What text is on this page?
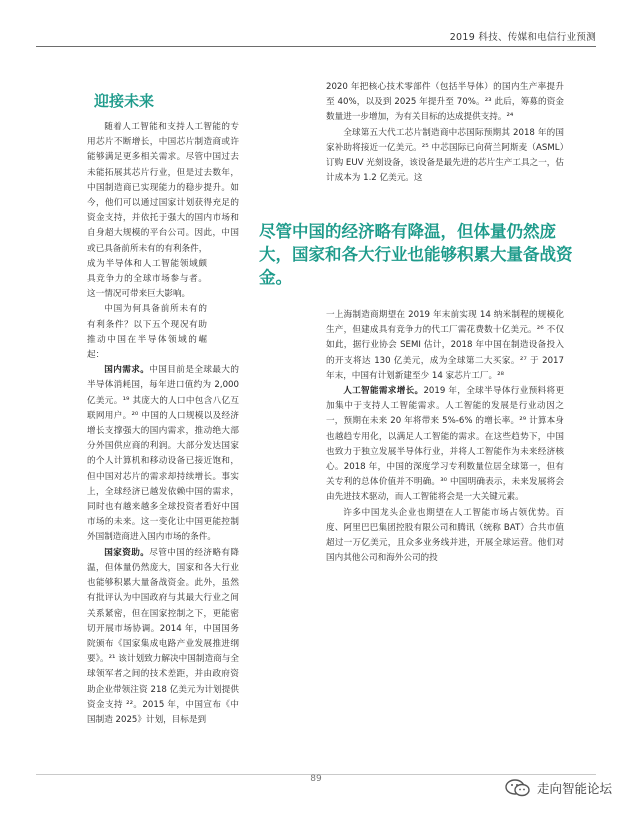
2019 科技、传媒和电信行业预测
迎接未来

随着人工智能和支持人工智能的专用芯片不断增长，中国芯片制造商或许能够满足更多相关需求。尽管中国过去未能拓展其芯片行业，但是过去数年，中国制造商已实现能力的稳步提升。如今，他们可以通过国家计划获得充足的资金支持，并依托于强大的国内市场和自身超大规模的平台公司。因此，中国或已具备前所未有的有利条件，

成为半导体和人工智能领域颇具竞争力的全球市场参与者。这一情况可带来巨大影响。

中国为何具备前所未有的有利条件？以下五个现况有助推动中国在半导体领域的崛起：

国内需求。中国目前是全球最大的半导体消耗国，每年进口值约为 2,000 亿美元。¹⁹ 其庞大的人口中包含八亿互联网用户。²⁰ 中国的人口规模以及经济增长支撑强大的国内需求，推动绝大部分外国供应商的利润。大部分发达国家的个人计算机和移动设备已接近饱和，但中国对芯片的需求却持续增长。事实上，全球经济已越发依赖中国的需求，同时也有越来越多全球投资者看好中国市场的未来。这一变化让中国更能控制外国制造商进入国内市场的条件。

国家资助。尽管中国的经济略有降温，但体量仍然庞大，国家和各大行业也能够积累大量备战资金。此外，虽然有批评认为中国政府与其最大行业之间关系紧密，但在国家控制之下，更能密切开展市场协调。2014 年，中国国务院颁布《国家集成电路产业发展推进纲要》。²¹ 该计划致力解决中国制造商与全球领军者之间的技术差距，并由政府资助企业带领注资 218 亿美元为计划提供资金支持 ²²。2015 年，中国宣布《中国制造 2025》计划，目标是到

2020 年把核心技术零部件（包括半导体）的国内生产率提升至 40%，以及到 2025 年提升至 70%。²³ 此后，筹募的资金数量进一步增加，为有关目标的达成提供支持。²⁴

全球第五大代工芯片制造商中芯国际预期其 2018 年的国家补助将接近一亿美元。²⁵ 中芯国际已向荷兰阿斯麦（ASML）订购 EUV 光刻设备，该设备是最先进的芯片生产工具之一，估计成本为 1.2 亿美元。这

尽管中国的经济略有降温，但体量仍然庞大，国家和各大行业也能够积累大量备战资金。

一上海制造商期望在 2019 年末前实现 14 纳米制程的规模化生产，但建成具有竞争力的代工厂需花费数十亿美元。²⁶ 不仅如此，据行业协会 SEMI 估计，2018 年中国在制造设备投入的开支将达 130 亿美元，成为全球第二大买家。²⁷ 于 2017 年末，中国有计划新建至少 14 家芯片工厂。²⁸

人工智能需求增长。2019 年，全球半导体行业预料将更加集中于支持人工智能需求。人工智能的发展是行业动因之一，预期在未来 20 年将带来 5%-6% 的增长率。²⁹ 计算本身也越趋专用化，以满足人工智能的需求。在这些趋势下，中国也致力于独立发展半导体行业，并将人工智能作为未来经济核心。2018 年，中国的深度学习专利数量位居全球第一，但有关专利的总体价值并不明确。³⁰ 中国明确表示，未来发展将会由先进技术驱动，而人工智能将会是一大关键元素。

许多中国龙头企业也期望在人工智能市场占领优势。百度、阿里巴巴集团控股有限公司和腾讯（统称 BAT）合共市值超过一万亿美元，且众多业务线并进，开展全球运营。他们对国内其他公司和海外公司的投

89
走向智能论坛
